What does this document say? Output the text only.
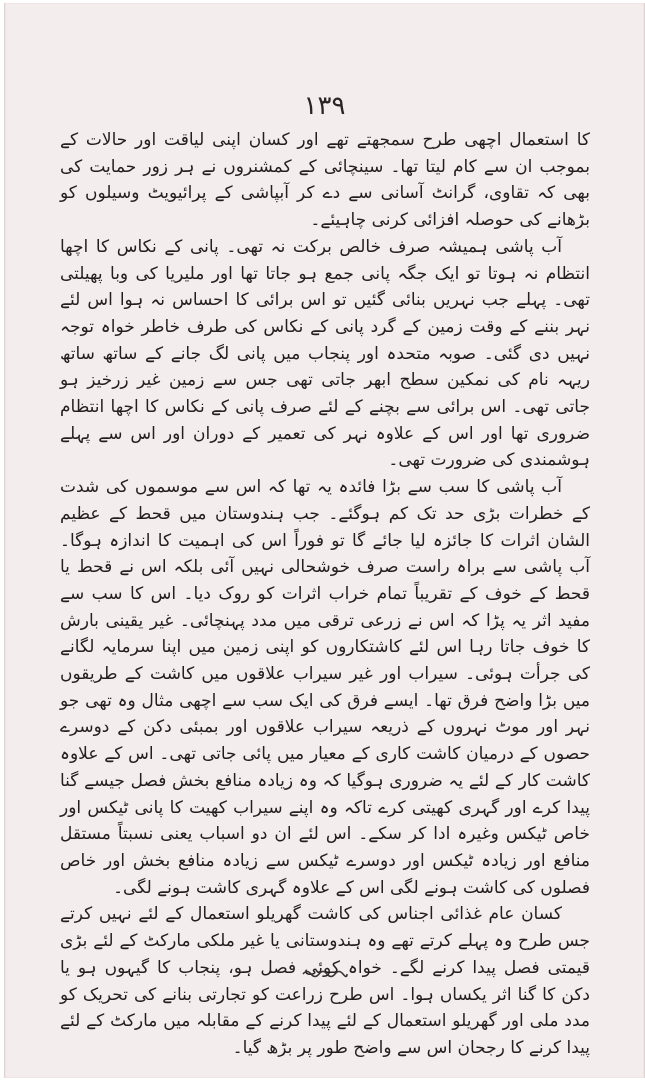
۱۳۹

کا استعمال اچھی طرح سمجھتے تھے اور کسان اپنی لیاقت اور حالات کے بموجب ان سے کام لیتا تھا۔ سینچائی کے کمشنروں نے ہر زور حمایت کی بھی کہ تقاوی، گرانٹ آسانی سے دے کر آبپاشی کے پرائیویٹ وسیلوں کو بڑھانے کی حوصلہ افزائی کرنی چاہیئے۔

آب پاشی ہمیشہ صرف خالص برکت نہ تھی۔ پانی کے نکاس کا اچھا انتظام نہ ہوتا تو ایک جگہ پانی جمع ہو جاتا تھا اور ملیریا کی وبا پھیلتی تھی۔ پہلے جب نہریں بنائی گئیں تو اس برائی کا احساس نہ ہوا اس لئے نہر بننے کے وقت زمین کے گرد پانی کے نکاس کی طرف خاطر خواہ توجہ نہیں دی گئی۔ صوبہ متحدہ اور پنجاب میں پانی لگ جانے کے ساتھ ساتھ ریہہ نام کی نمکین سطح ابھر جاتی تھی جس سے زمین غیر زرخیز ہو جاتی تھی۔ اس برائی سے بچنے کے لئے صرف پانی کے نکاس کا اچھا انتظام ضروری تھا اور اس کے علاوہ نہر کی تعمیر کے دوران اور اس سے پہلے ہوشمندی کی ضرورت تھی۔

آب پاشی کا سب سے بڑا فائدہ یہ تھا کہ اس سے موسموں کی شدت کے خطرات بڑی حد تک کم ہوگئے۔ جب ہندوستان میں قحط کے عظیم الشان اثرات کا جائزہ لیا جائے گا تو فوراً اس کی اہمیت کا اندازہ ہوگا۔ آب پاشی سے براہ راست صرف خوشحالی نہیں آئی بلکہ اس نے قحط یا قحط کے خوف کے تقریباً تمام خراب اثرات کو روک دیا۔ اس کا سب سے مفید اثر یہ پڑا کہ اس نے زرعی ترقی میں مدد پہنچائی۔ غیر یقینی بارش کا خوف جاتا رہا اس لئے کاشتکاروں کو اپنی زمین میں اپنا سرمایہ لگانے کی جرأت ہوئی۔ سیراب اور غیر سیراب علاقوں میں کاشت کے طریقوں میں بڑا واضح فرق تھا۔ ایسے فرق کی ایک سب سے اچھی مثال وہ تھی جو نہر اور موٹ نہروں کے ذریعہ سیراب علاقوں اور بمبئی دکن کے دوسرے حصوں کے درمیان کاشت کاری کے معیار میں پائی جاتی تھی۔ اس کے علاوہ کاشت کار کے لئے یہ ضروری ہوگیا کہ وہ زیادہ منافع بخش فصل جیسے گنا پیدا کرے اور گہری کھیتی کرے تاکہ وہ اپنے سیراب کھیت کا پانی ٹیکس اور خاص ٹیکس وغیرہ ادا کر سکے۔ اس لئے ان دو اسباب یعنی نسبتاً مستقل منافع اور زیادہ ٹیکس اور دوسرے ٹیکس سے زیادہ منافع بخش اور خاص فصلوں کی کاشت ہونے لگی اس کے علاوہ گہری کاشت ہونے لگی۔

کسان عام غذائی اجناس کی کاشت گھریلو استعمال کے لئے نہیں کرتے جس طرح وہ پہلے کرتے تھے وہ ہندوستانی یا غیر ملکی مارکٹ کے لئے بڑی قیمتی فصل پیدا کرنے لگے۔ خواہ کوئی فصل ہو، پنجاب کا گیہوں ہو یا دکن کا گنا اثر یکساں ہوا۔ اس طرح زراعت کو تجارتی بنانے کی تحریک کو مدد ملی اور گھریلو استعمال کے لئے پیدا کرنے کے مقابلہ میں مارکٹ کے لئے پیدا کرنے کا رجحان اس سے واضح طور پر بڑھ گیا۔
